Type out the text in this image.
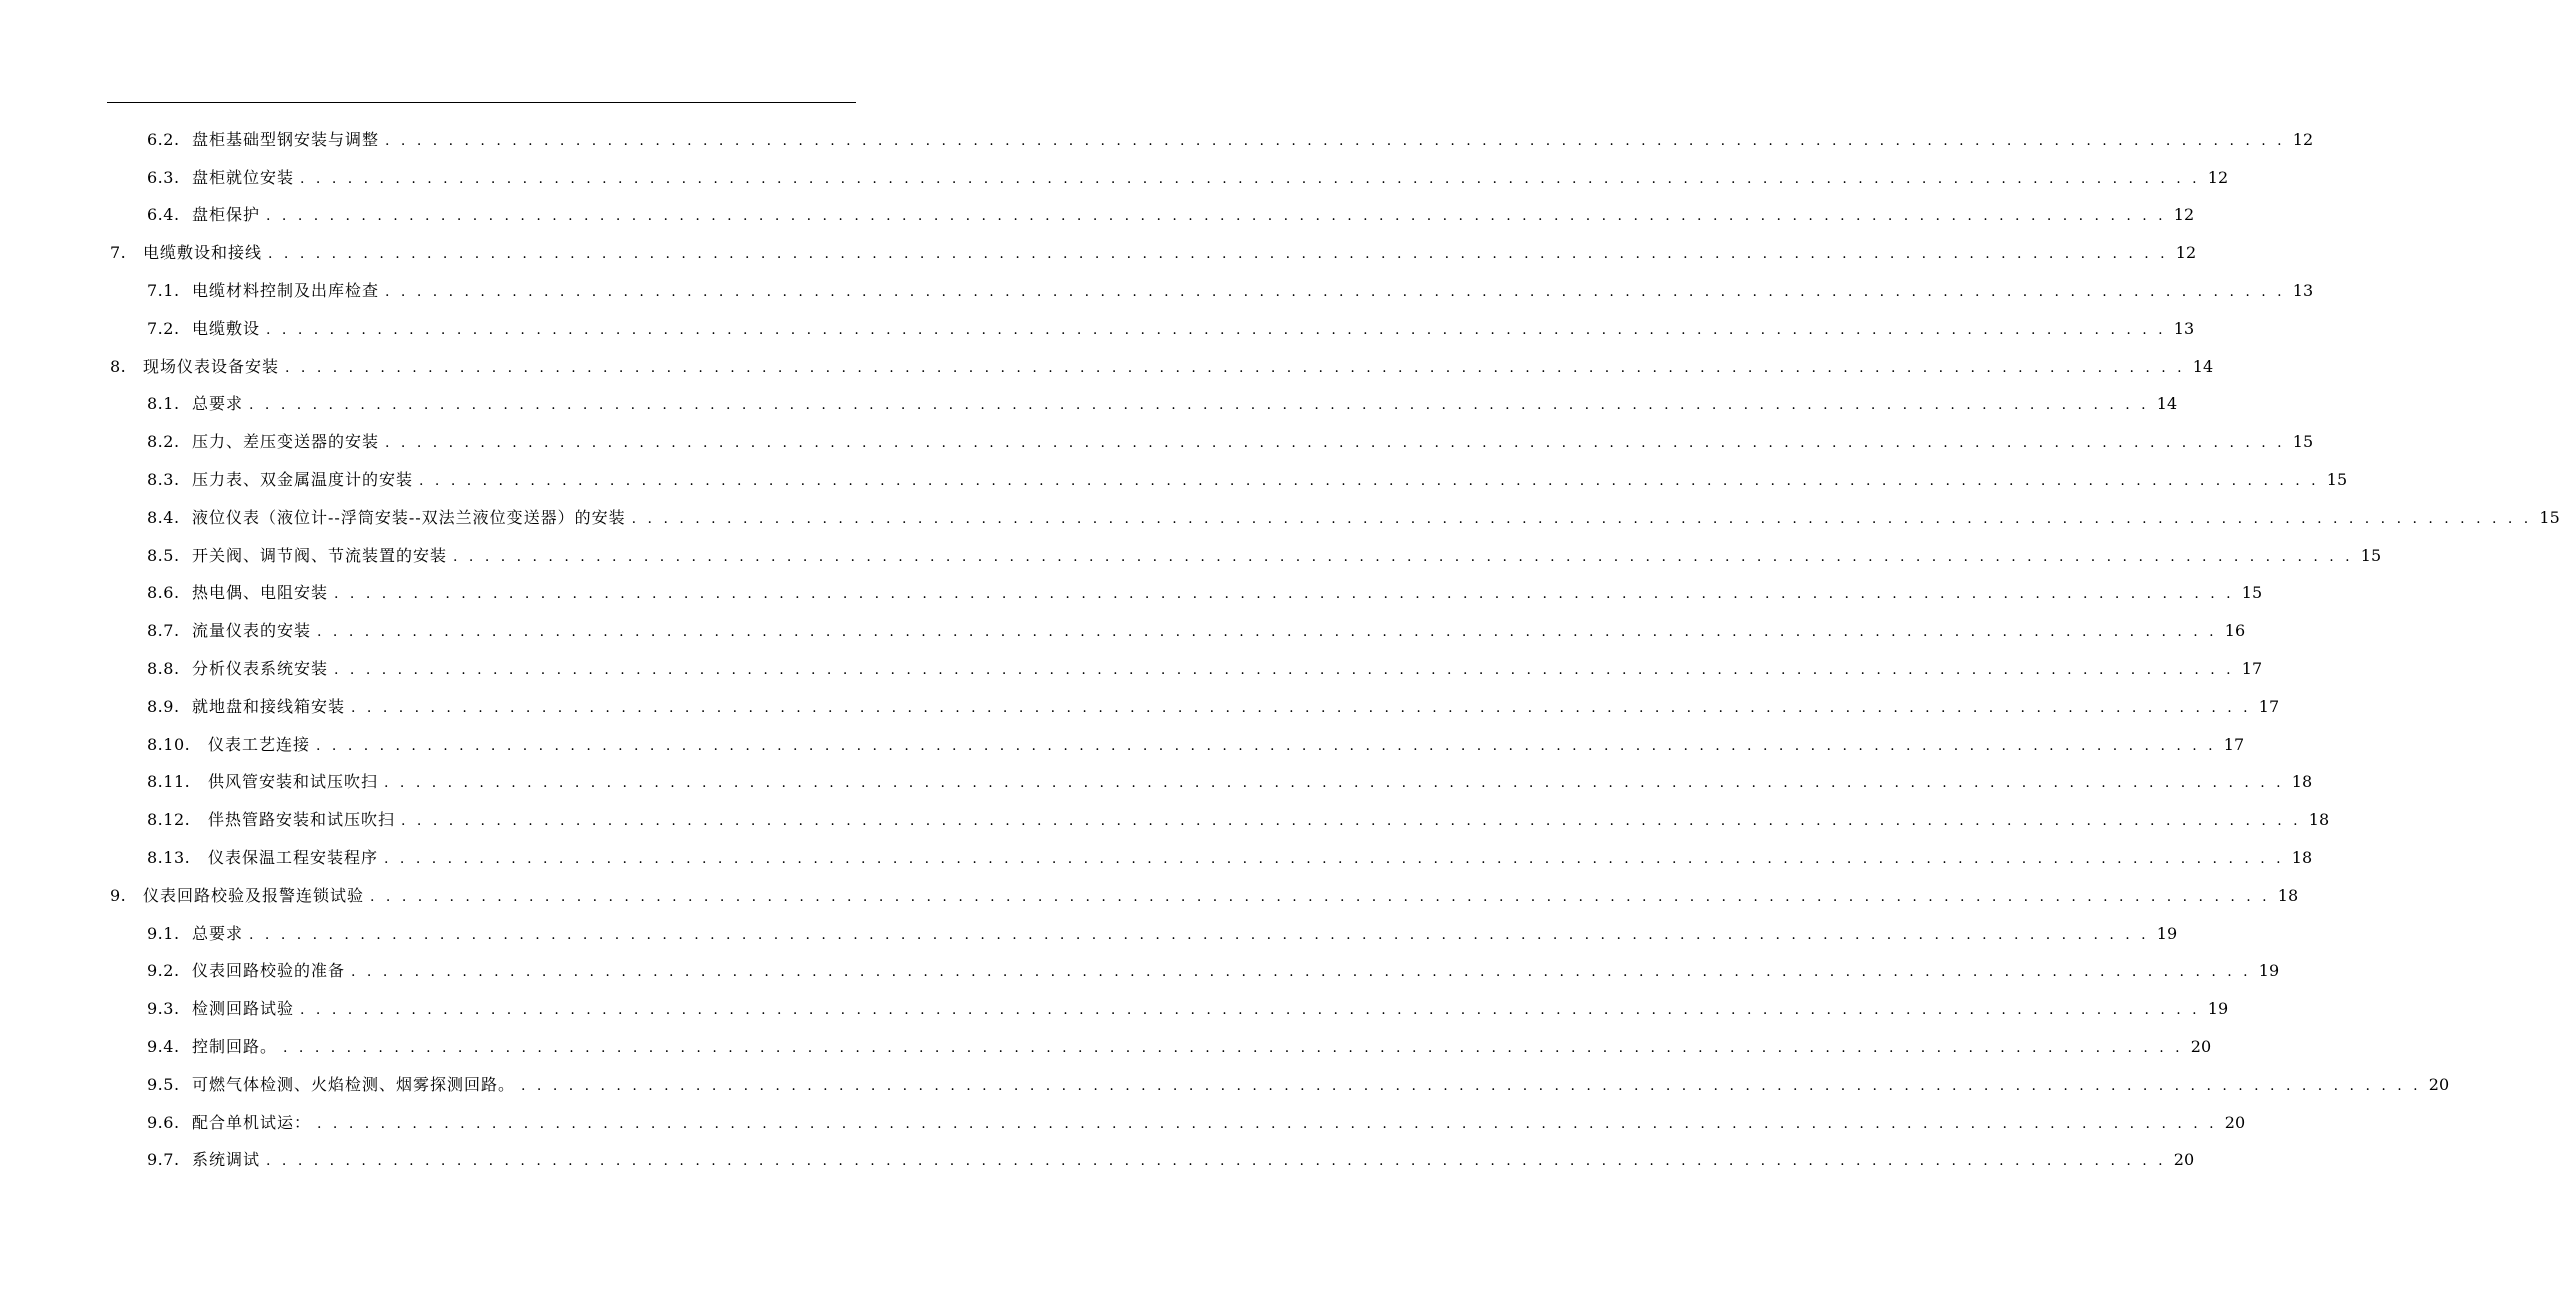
6.2. 盘柜基础型钢安装与调整 . . . . . . . . . . . . . . . . . . . . . . . . . . . . . . . . . . . . . . . . . . . . . . . . . . . . . . . . . . . . . . . . . . . . . . . . . . . . . . . . . . . . . . . . . . . . . . . . . . . . . . . . . . . . . . . . . . . . . . . . 12
6.3. 盘柜就位安装 . . . . . . . . . . . . . . . . . . . . . . . . . . . . . . . . . . . . . . . . . . . . . . . . . . . . . . . . . . . . . . . . . . . . . . . . . . . . . . . . . . . . . . . . . . . . . . . . . . . . . . . . . . . . . . . . . . . . . . . . 12
6.4. 盘柜保护 . . . . . . . . . . . . . . . . . . . . . . . . . . . . . . . . . . . . . . . . . . . . . . . . . . . . . . . . . . . . . . . . . . . . . . . . . . . . . . . . . . . . . . . . . . . . . . . . . . . . . . . . . . . . . . . . . . . . . . . . 12
7.	电缆敷设和接线 . . . . . . . . . . . . . . . . . . . . . . . . . . . . . . . . . . . . . . . . . . . . . . . . . . . . . . . . . . . . . . . . . . . . . . . . . . . . . . . . . . . . . . . . . . . . . . . . . . . . . . . . . . . . . . . . . . . . . . . . 12
7.1. 电缆材料控制及出库检查 . . . . . . . . . . . . . . . . . . . . . . . . . . . . . . . . . . . . . . . . . . . . . . . . . . . . . . . . . . . . . . . . . . . . . . . . . . . . . . . . . . . . . . . . . . . . . . . . . . . . . . . . . . . . . . . . . . . . . . . . 13
7.2. 电缆敷设 . . . . . . . . . . . . . . . . . . . . . . . . . . . . . . . . . . . . . . . . . . . . . . . . . . . . . . . . . . . . . . . . . . . . . . . . . . . . . . . . . . . . . . . . . . . . . . . . . . . . . . . . . . . . . . . . . . . . . . . . 13
8.	现场仪表设备安装 . . . . . . . . . . . . . . . . . . . . . . . . . . . . . . . . . . . . . . . . . . . . . . . . . . . . . . . . . . . . . . . . . . . . . . . . . . . . . . . . . . . . . . . . . . . . . . . . . . . . . . . . . . . . . . . . . . . . . . . . 14
8.1. 总要求 . . . . . . . . . . . . . . . . . . . . . . . . . . . . . . . . . . . . . . . . . . . . . . . . . . . . . . . . . . . . . . . . . . . . . . . . . . . . . . . . . . . . . . . . . . . . . . . . . . . . . . . . . . . . . . . . . . . . . . . . 14
8.2. 压力、差压变送器的安装 . . . . . . . . . . . . . . . . . . . . . . . . . . . . . . . . . . . . . . . . . . . . . . . . . . . . . . . . . . . . . . . . . . . . . . . . . . . . . . . . . . . . . . . . . . . . . . . . . . . . . . . . . . . . . . . . . . . . . . . . 15
8.3. 压力表、双金属温度计的安装 . . . . . . . . . . . . . . . . . . . . . . . . . . . . . . . . . . . . . . . . . . . . . . . . . . . . . . . . . . . . . . . . . . . . . . . . . . . . . . . . . . . . . . . . . . . . . . . . . . . . . . . . . . . . . . . . . . . . . . . . 15
8.4. 液位仪表（液位计--浮筒安装--双法兰液位变送器）的安装 . . . . . . . . . . . . . . . . . . . . . . . . . . . . . . . . . . . . . . . . . . . . . . . . . . . . . . . . . . . . . . . . . . . . . . . . . . . . . . . . . . . . . . . . . . . . . . . . . . . . . . . . . . . . . . . . . . . . . . . . 15
8.5. 开关阀、调节阀、节流装置的安装 . . . . . . . . . . . . . . . . . . . . . . . . . . . . . . . . . . . . . . . . . . . . . . . . . . . . . . . . . . . . . . . . . . . . . . . . . . . . . . . . . . . . . . . . . . . . . . . . . . . . . . . . . . . . . . . . . . . . . . . . 15
8.6. 热电偶、电阻安装 . . . . . . . . . . . . . . . . . . . . . . . . . . . . . . . . . . . . . . . . . . . . . . . . . . . . . . . . . . . . . . . . . . . . . . . . . . . . . . . . . . . . . . . . . . . . . . . . . . . . . . . . . . . . . . . . . . . . . . . . 15
8.7. 流量仪表的安装 . . . . . . . . . . . . . . . . . . . . . . . . . . . . . . . . . . . . . . . . . . . . . . . . . . . . . . . . . . . . . . . . . . . . . . . . . . . . . . . . . . . . . . . . . . . . . . . . . . . . . . . . . . . . . . . . . . . . . . . . 16
8.8. 分析仪表系统安装 . . . . . . . . . . . . . . . . . . . . . . . . . . . . . . . . . . . . . . . . . . . . . . . . . . . . . . . . . . . . . . . . . . . . . . . . . . . . . . . . . . . . . . . . . . . . . . . . . . . . . . . . . . . . . . . . . . . . . . . . 17
8.9. 就地盘和接线箱安装 . . . . . . . . . . . . . . . . . . . . . . . . . . . . . . . . . . . . . . . . . . . . . . . . . . . . . . . . . . . . . . . . . . . . . . . . . . . . . . . . . . . . . . . . . . . . . . . . . . . . . . . . . . . . . . . . . . . . . . . . 17
8.10.	仪表工艺连接 . . . . . . . . . . . . . . . . . . . . . . . . . . . . . . . . . . . . . . . . . . . . . . . . . . . . . . . . . . . . . . . . . . . . . . . . . . . . . . . . . . . . . . . . . . . . . . . . . . . . . . . . . . . . . . . . . . . . . . . . 17
8.11.	供风管安装和试压吹扫 . . . . . . . . . . . . . . . . . . . . . . . . . . . . . . . . . . . . . . . . . . . . . . . . . . . . . . . . . . . . . . . . . . . . . . . . . . . . . . . . . . . . . . . . . . . . . . . . . . . . . . . . . . . . . . . . . . . . . . . . 18
8.12.	伴热管路安装和试压吹扫 . . . . . . . . . . . . . . . . . . . . . . . . . . . . . . . . . . . . . . . . . . . . . . . . . . . . . . . . . . . . . . . . . . . . . . . . . . . . . . . . . . . . . . . . . . . . . . . . . . . . . . . . . . . . . . . . . . . . . . . . 18
8.13.	仪表保温工程安装程序 . . . . . . . . . . . . . . . . . . . . . . . . . . . . . . . . . . . . . . . . . . . . . . . . . . . . . . . . . . . . . . . . . . . . . . . . . . . . . . . . . . . . . . . . . . . . . . . . . . . . . . . . . . . . . . . . . . . . . . . . 18
9.	仪表回路校验及报警连锁试验 . . . . . . . . . . . . . . . . . . . . . . . . . . . . . . . . . . . . . . . . . . . . . . . . . . . . . . . . . . . . . . . . . . . . . . . . . . . . . . . . . . . . . . . . . . . . . . . . . . . . . . . . . . . . . . . . . . . . . . . . 18
9.1. 总要求 . . . . . . . . . . . . . . . . . . . . . . . . . . . . . . . . . . . . . . . . . . . . . . . . . . . . . . . . . . . . . . . . . . . . . . . . . . . . . . . . . . . . . . . . . . . . . . . . . . . . . . . . . . . . . . . . . . . . . . . . 19
9.2. 仪表回路校验的准备 . . . . . . . . . . . . . . . . . . . . . . . . . . . . . . . . . . . . . . . . . . . . . . . . . . . . . . . . . . . . . . . . . . . . . . . . . . . . . . . . . . . . . . . . . . . . . . . . . . . . . . . . . . . . . . . . . . . . . . . . 19
9.3. 检测回路试验 . . . . . . . . . . . . . . . . . . . . . . . . . . . . . . . . . . . . . . . . . . . . . . . . . . . . . . . . . . . . . . . . . . . . . . . . . . . . . . . . . . . . . . . . . . . . . . . . . . . . . . . . . . . . . . . . . . . . . . . . 19
9.4. 控制回路。 . . . . . . . . . . . . . . . . . . . . . . . . . . . . . . . . . . . . . . . . . . . . . . . . . . . . . . . . . . . . . . . . . . . . . . . . . . . . . . . . . . . . . . . . . . . . . . . . . . . . . . . . . . . . . . . . . . . . . . . . 20
9.5. 可燃气体检测、火焰检测、烟雾探测回路。 . . . . . . . . . . . . . . . . . . . . . . . . . . . . . . . . . . . . . . . . . . . . . . . . . . . . . . . . . . . . . . . . . . . . . . . . . . . . . . . . . . . . . . . . . . . . . . . . . . . . . . . . . . . . . . . . . . . . . . . . 20
9.6. 配合单机试运： . . . . . . . . . . . . . . . . . . . . . . . . . . . . . . . . . . . . . . . . . . . . . . . . . . . . . . . . . . . . . . . . . . . . . . . . . . . . . . . . . . . . . . . . . . . . . . . . . . . . . . . . . . . . . . . . . . . . . . . . 20
9.7. 系统调试 . . . . . . . . . . . . . . . . . . . . . . . . . . . . . . . . . . . . . . . . . . . . . . . . . . . . . . . . . . . . . . . . . . . . . . . . . . . . . . . . . . . . . . . . . . . . . . . . . . . . . . . . . . . . . . . . . . . . . . . . 20
